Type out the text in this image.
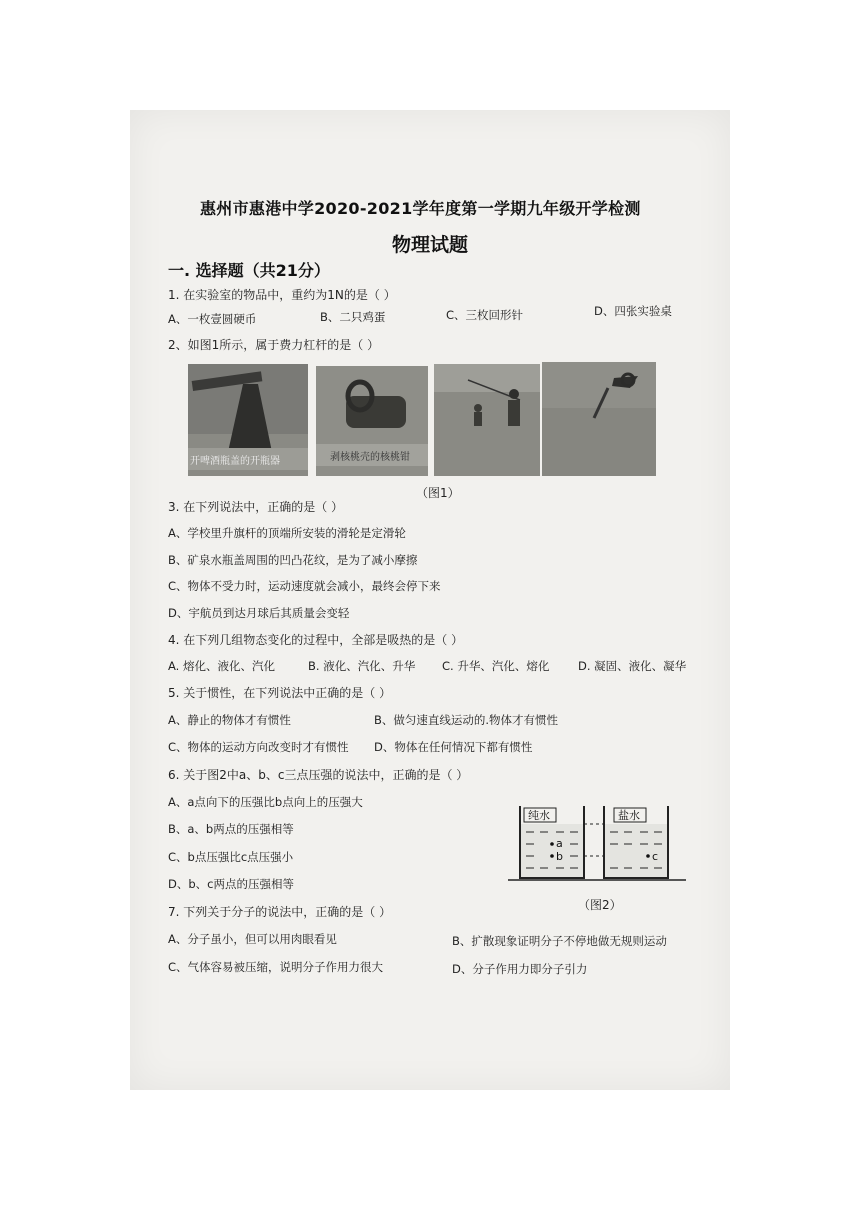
惠州市惠港中学2020-2021学年度第一学期九年级开学检测
物理试题
一. 选择题（共21分）
1. 在实验室的物品中，重约为1N的是（ ）
A、一枚壹圆硬币	B、二只鸡蛋	C、三枚回形针	D、四张实验桌
2、如图1所示，属于费力杠杆的是（ ）
开啤酒瓶盖的开瓶器	剥核桃壳的核桃钳
（图1）
3. 在下列说法中，正确的是（ ）
A、学校里升旗杆的顶端所安装的滑轮是定滑轮
B、矿泉水瓶盖周围的凹凸花纹，是为了减小摩擦
C、物体不受力时，运动速度就会减小，最终会停下来
D、宇航员到达月球后其质量会变轻
4. 在下列几组物态变化的过程中，全部是吸热的是（ ）
A. 熔化、液化、汽化	B. 液化、汽化、升华 C. 升华、汽化、熔化 D. 凝固、液化、凝华
5. 关于惯性，在下列说法中正确的是（ ）
A、静止的物体才有惯性	B、做匀速直线运动的.物体才有惯性
C、物体的运动方向改变时才有惯性 D、物体在任何情况下都有惯性
6. 关于图2中a、b、c三点压强的说法中，正确的是（ ）
A、a点向下的压强比b点向上的压强大
B、a、b两点的压强相等
C、b点压强比c点压强小
D、b、c两点的压强相等
纯水
a
b
盐水
c
（图2）
7. 下列关于分子的说法中，正确的是（ ）
A、分子虽小，但可以用肉眼看见	B、扩散现象证明分子不停地做无规则运动
C、气体容易被压缩，说明分子作用力很大	D、分子作用力即分子引力
